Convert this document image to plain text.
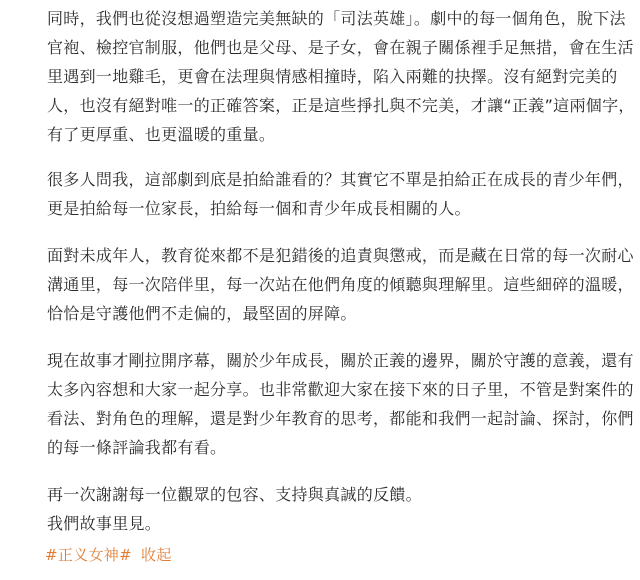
同時，我們也從沒想過塑造完美無缺的「司法英雄」。劇中的每一個角色，脫下法
官袍、檢控官制服，他們也是父母、是子女，會在親子關係裡手足無措，會在生活
里遇到一地雞毛，更會在法理與情感相撞時，陷入兩難的抉擇。沒有絕對完美的
人，也沒有絕對唯一的正確答案，正是這些掙扎與不完美，才讓“正義”這兩個字，
有了更厚重、也更溫暖的重量。

很多人問我，這部劇到底是拍給誰看的？其實它不單是拍給正在成長的青少年們，
更是拍給每一位家長，拍給每一個和青少年成長相關的人。

面對未成年人，教育從來都不是犯錯後的追責與懲戒，而是藏在日常的每一次耐心
溝通里，每一次陪伴里，每一次站在他們角度的傾聽與理解里。這些細碎的溫暖，
恰恰是守護他們不走偏的，最堅固的屏障。

現在故事才剛拉開序幕，關於少年成長，關於正義的邊界，關於守護的意義，還有
太多內容想和大家一起分享。也非常歡迎大家在接下來的日子里，不管是對案件的
看法、對角色的理解，還是對少年教育的思考，都能和我們一起討論、探討，你們
的每一條評論我都有看。

再一次謝謝每一位觀眾的包容、支持與真誠的反饋。
我們故事里見。

#正义女神# 收起
